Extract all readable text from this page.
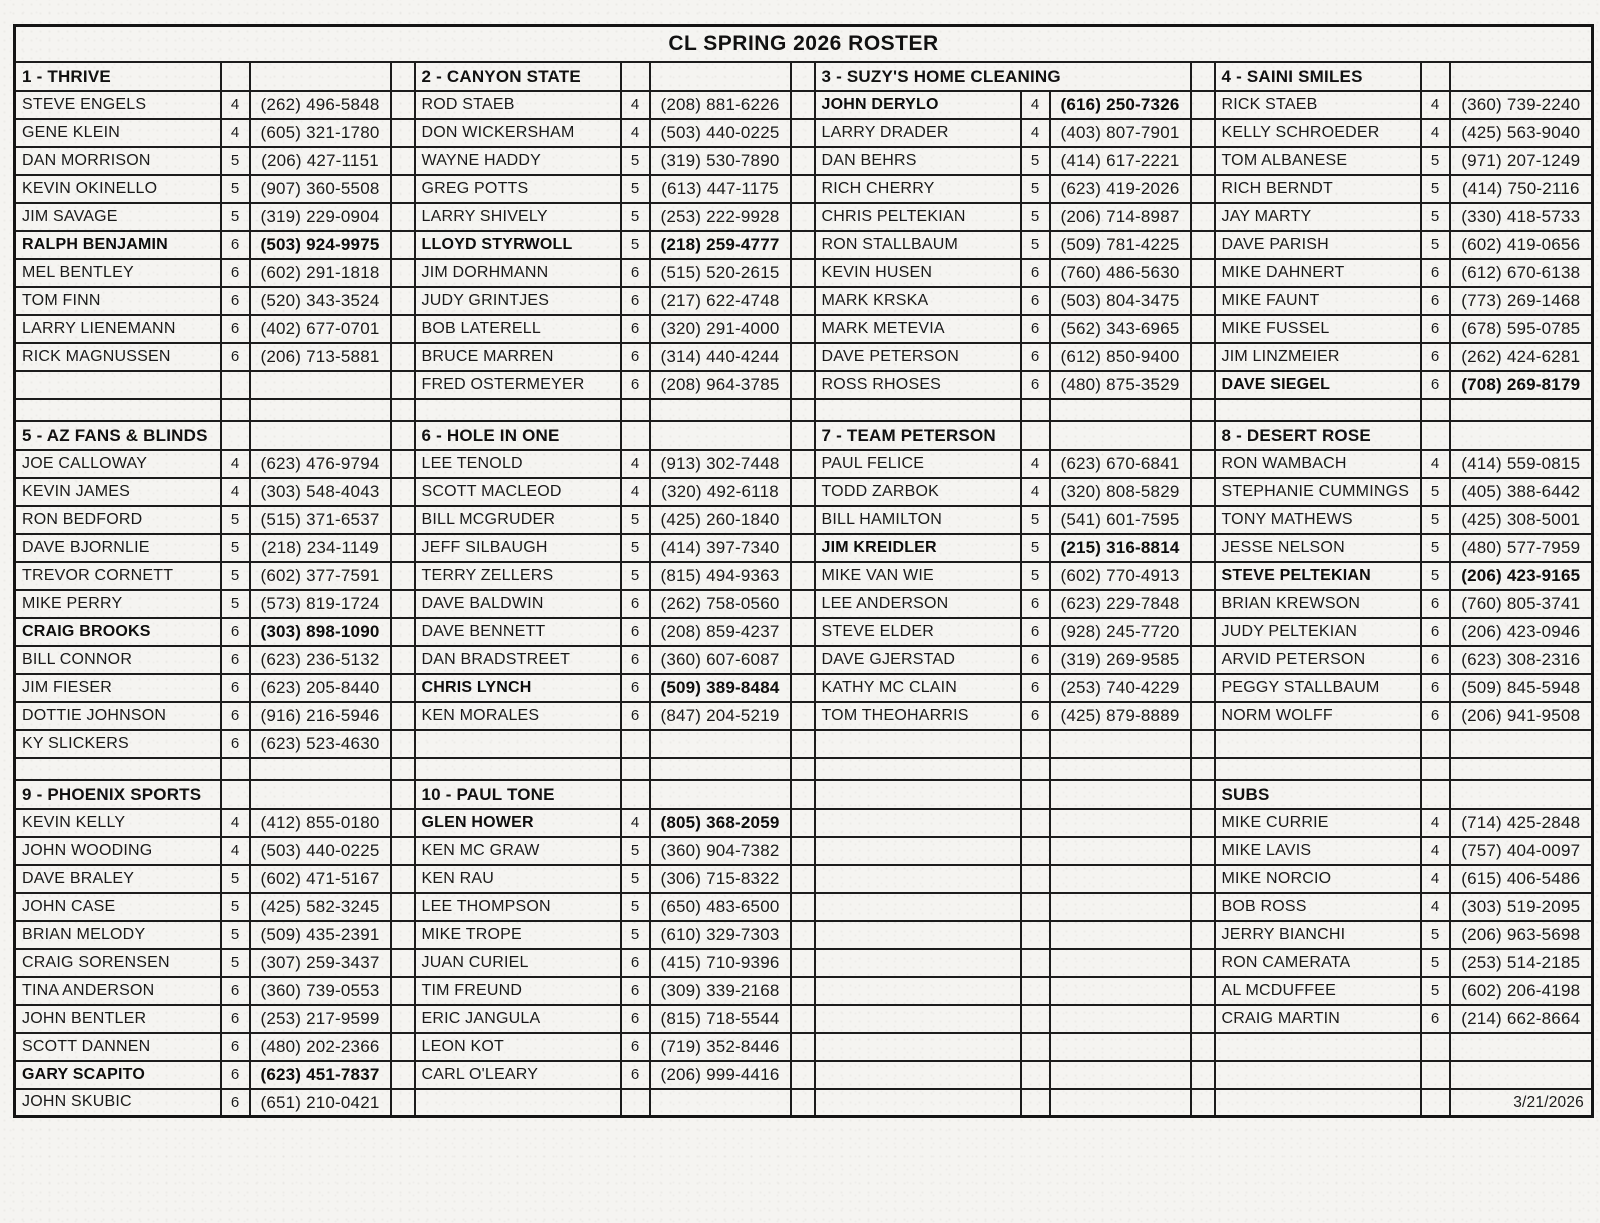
CL SPRING 2026 ROSTER														
1 - THRIVE				2 - CANYON STATE				3 - SUZY'S HOME CLEANING				4 - SAINI SMILES		
STEVE ENGELS	4	(262) 496-5848		ROD STAEB	4	(208) 881-6226		JOHN DERYLO	4	(616) 250-7326		RICK STAEB	4	(360) 739-2240
GENE KLEIN	4	(605) 321-1780		DON WICKERSHAM	4	(503) 440-0225		LARRY DRADER	4	(403) 807-7901		KELLY SCHROEDER	4	(425) 563-9040
DAN MORRISON	5	(206) 427-1151		WAYNE HADDY	5	(319) 530-7890		DAN BEHRS	5	(414) 617-2221		TOM ALBANESE	5	(971) 207-1249
KEVIN OKINELLO	5	(907) 360-5508		GREG POTTS	5	(613) 447-1175		RICH CHERRY	5	(623) 419-2026		RICH BERNDT	5	(414) 750-2116
JIM SAVAGE	5	(319) 229-0904		LARRY SHIVELY	5	(253) 222-9928		CHRIS PELTEKIAN	5	(206) 714-8987		JAY MARTY	5	(330) 418-5733
RALPH BENJAMIN	6	(503) 924-9975		LLOYD STYRWOLL	5	(218) 259-4777		RON STALLBAUM	5	(509) 781-4225		DAVE PARISH	5	(602) 419-0656
MEL BENTLEY	6	(602) 291-1818		JIM DORHMANN	6	(515) 520-2615		KEVIN HUSEN	6	(760) 486-5630		MIKE DAHNERT	6	(612) 670-6138
TOM FINN	6	(520) 343-3524		JUDY GRINTJES	6	(217) 622-4748		MARK KRSKA	6	(503) 804-3475		MIKE FAUNT	6	(773) 269-1468
LARRY LIENEMANN	6	(402) 677-0701		BOB LATERELL	6	(320) 291-4000		MARK METEVIA	6	(562) 343-6965		MIKE FUSSEL	6	(678) 595-0785
RICK MAGNUSSEN	6	(206) 713-5881		BRUCE MARREN	6	(314) 440-4244		DAVE PETERSON	6	(612) 850-9400		JIM LINZMEIER	6	(262) 424-6281
				FRED OSTERMEYER	6	(208) 964-3785		ROSS RHOSES	6	(480) 875-3529		DAVE SIEGEL	6	(708) 269-8179

5 - AZ FANS & BLINDS				6 - HOLE IN ONE				7 - TEAM PETERSON				8 - DESERT ROSE		
JOE CALLOWAY	4	(623) 476-9794		LEE TENOLD	4	(913) 302-7448		PAUL FELICE	4	(623) 670-6841		RON WAMBACH	4	(414) 559-0815
KEVIN JAMES	4	(303) 548-4043		SCOTT MACLEOD	4	(320) 492-6118		TODD ZARBOK	4	(320) 808-5829		STEPHANIE CUMMINGS	5	(405) 388-6442
RON BEDFORD	5	(515) 371-6537		BILL MCGRUDER	5	(425) 260-1840		BILL HAMILTON	5	(541) 601-7595		TONY MATHEWS	5	(425) 308-5001
DAVE BJORNLIE	5	(218) 234-1149		JEFF SILBAUGH	5	(414) 397-7340		JIM KREIDLER	5	(215) 316-8814		JESSE NELSON	5	(480) 577-7959
TREVOR CORNETT	5	(602) 377-7591		TERRY ZELLERS	5	(815) 494-9363		MIKE VAN WIE	5	(602) 770-4913		STEVE PELTEKIAN	5	(206) 423-9165
MIKE PERRY	5	(573) 819-1724		DAVE BALDWIN	6	(262) 758-0560		LEE ANDERSON	6	(623) 229-7848		BRIAN KREWSON	6	(760) 805-3741
CRAIG BROOKS	6	(303) 898-1090		DAVE BENNETT	6	(208) 859-4237		STEVE ELDER	6	(928) 245-7720		JUDY PELTEKIAN	6	(206) 423-0946
BILL CONNOR	6	(623) 236-5132		DAN BRADSTREET	6	(360) 607-6087		DAVE GJERSTAD	6	(319) 269-9585		ARVID PETERSON	6	(623) 308-2316
JIM FIESER	6	(623) 205-8440		CHRIS LYNCH	6	(509) 389-8484		KATHY MC CLAIN	6	(253) 740-4229		PEGGY STALLBAUM	6	(509) 845-5948
DOTTIE JOHNSON	6	(916) 216-5946		KEN MORALES	6	(847) 204-5219		TOM THEOHARRIS	6	(425) 879-8889		NORM WOLFF	6	(206) 941-9508
KY SLICKERS	6	(623) 523-4630												

9 - PHOENIX SPORTS				10 - PAUL TONE								SUBS		
KEVIN KELLY	4	(412) 855-0180		GLEN HOWER	4	(805) 368-2059						MIKE CURRIE	4	(714) 425-2848
JOHN WOODING	4	(503) 440-0225		KEN MC GRAW	5	(360) 904-7382						MIKE LAVIS	4	(757) 404-0097
DAVE BRALEY	5	(602) 471-5167		KEN RAU	5	(306) 715-8322						MIKE NORCIO	4	(615) 406-5486
JOHN CASE	5	(425) 582-3245		LEE THOMPSON	5	(650) 483-6500						BOB ROSS	4	(303) 519-2095
BRIAN MELODY	5	(509) 435-2391		MIKE TROPE	5	(610) 329-7303						JERRY BIANCHI	5	(206) 963-5698
CRAIG SORENSEN	5	(307) 259-3437		JUAN CURIEL	6	(415) 710-9396						RON CAMERATA	5	(253) 514-2185
TINA ANDERSON	6	(360) 739-0553		TIM FREUND	6	(309) 339-2168						AL MCDUFFEE	5	(602) 206-4198
JOHN BENTLER	6	(253) 217-9599		ERIC JANGULA	6	(815) 718-5544						CRAIG MARTIN	6	(214) 662-8664
SCOTT DANNEN	6	(480) 202-2366		LEON KOT	6	(719) 352-8446								
GARY SCAPITO	6	(623) 451-7837		CARL O'LEARY	6	(206) 999-4416								
JOHN SKUBIC	6	(651) 210-0421												3/21/2026
